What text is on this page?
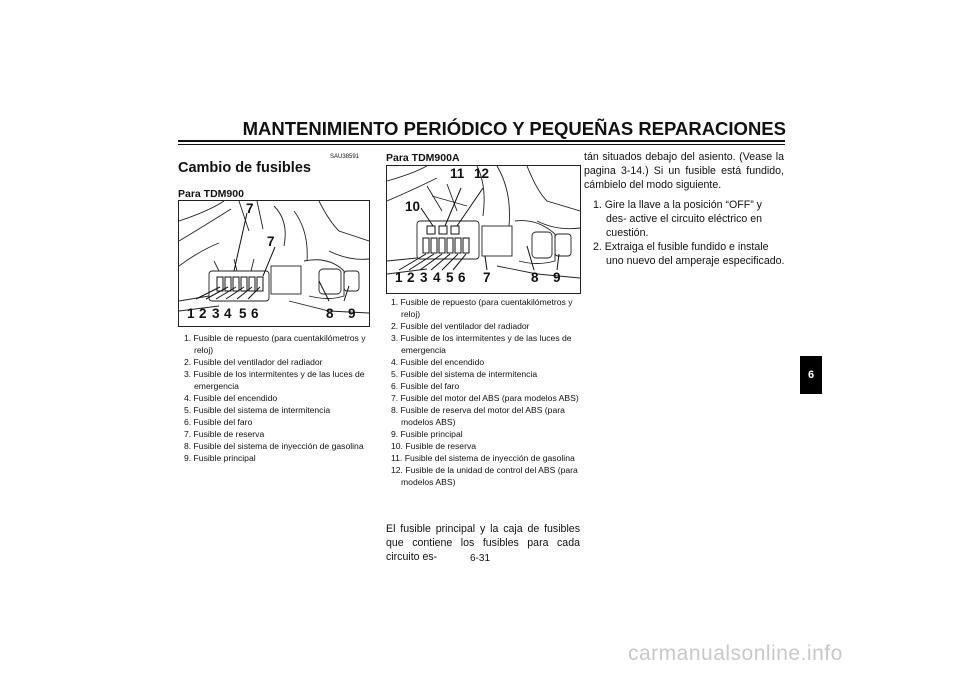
MANTENIMIENTO PERIÓDICO Y PEQUEÑAS REPARACIONES
SAU38591
Cambio de fusibles
Para TDM900
Para TDM900A
1 2 3 4 5 6	8 9
7
7
1 2 3 4 5 6 7	8 9
10
11 12
1. Fusible de repuesto (para cuentakilómetros y reloj)
2. Fusible del ventilador del radiador
3. Fusible de los intermitentes y de las luces de emergencia
4. Fusible del encendido
5. Fusible del sistema de intermitencia
6. Fusible del faro
7. Fusible de reserva
8. Fusible del sistema de inyección de gasolina
9. Fusible principal
1. Fusible de repuesto (para cuentakilómetros y reloj)
2. Fusible del ventilador del radiador
3. Fusible de los intermitentes y de las luces de emergencia
4. Fusible del encendido
5. Fusible del sistema de intermitencia
6. Fusible del faro
7. Fusible del motor del ABS (para modelos ABS)
8. Fusible de reserva del motor del ABS (para modelos ABS)
9. Fusible principal
10. Fusible de reserva
11. Fusible del sistema de inyección de gasolina
12. Fusible de la unidad de control del ABS (para modelos ABS)
El fusible principal y la caja de fusibles que contiene los fusibles para cada circuito es-
tán situados debajo del asiento. (Vease la pagina 3-14.) Si un fusible está fundido, cámbielo del modo siguiente.
1. Gire la llave a la posición “OFF” y des- active el circuito eléctrico en cuestión.
2. Extraiga el fusible fundido e instale uno nuevo del amperaje especificado.
6-31
6
carmanualsonline.info
